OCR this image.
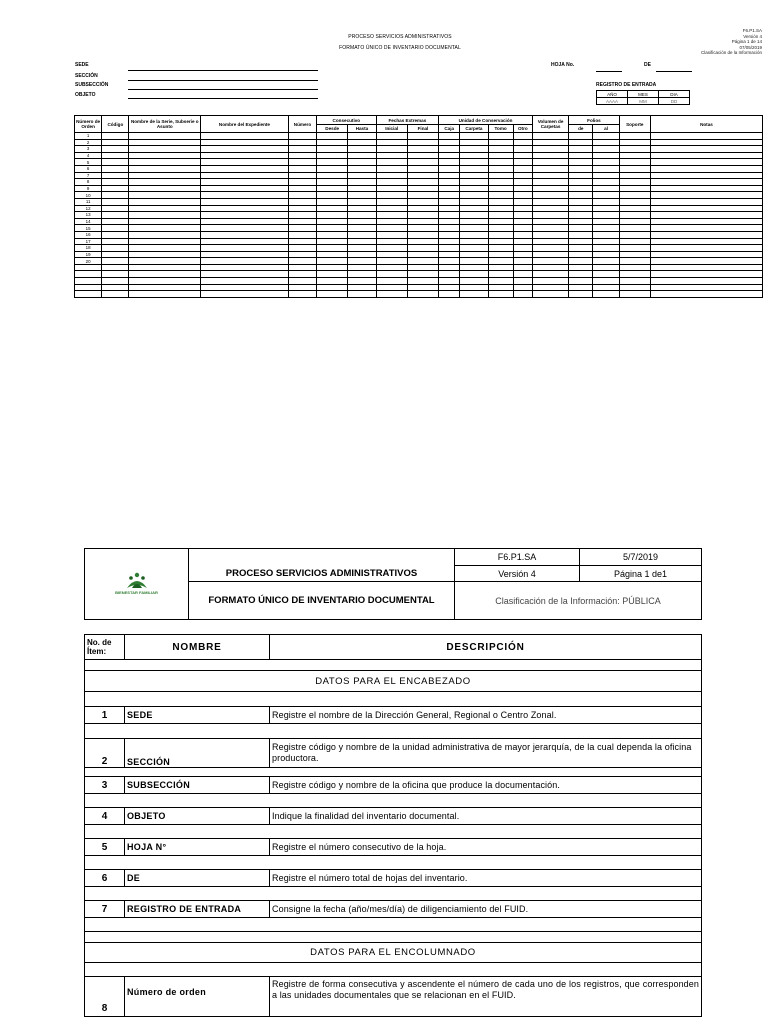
PROCESO SERVICIOS ADMINISTRATIVOS
FORMATO ÚNICO DE INVENTARIO DOCUMENTAL
F6.P1.SA
Versión 4
Página 1 de 14
07/05/2019
Clasificación de la Información
SEDE
SECCIÓN
SUBSECCIÓN
OBJETO
HOJA No.	DE
REGISTRO DE ENTRADA
AÑO	MES	DIA
AAAA	MM	DD
Número de Orden	Código	Nombre de la Serie, Subserie o Asunto	Nombre del Expediente	Número	Consecutivo		Fechas Extremas		Unidad de Conservación				Volumen de Carpetas	Folios		Soporte	Notas
					Desde	Hasta	Inicial	Final	Caja	Carpeta	Tomo	Otro		de	al		
1																	
2																	
3																	
4																	
5																	
6																	
7																	
8																	
9																	
10																	
11																	
12																	
13																	
14																	
15																	
16																	
17																	
18																	
19																	
20																	

BIENESTAR FAMILIAR	PROCESO SERVICIOS ADMINISTRATIVOS	F6.P1.SA	5/7/2019
		Versión 4	Página 1 de1
	FORMATO ÚNICO DE INVENTARIO DOCUMENTAL	Clasificación de la Información: PÚBLICA	
No. de Ítem:	NOMBRE	DESCRIPCIÓN

DATOS PARA EL ENCABEZADO		

1	SEDE	Registre el nombre de la Dirección General, Regional o Centro Zonal.

2	SECCIÓN	Registre código y nombre de la unidad administrativa de mayor jerarquía, de la cual dependa la oficina productora.

3	SUBSECCIÓN	Registre código y nombre de la oficina que produce la documentación.

4	OBJETO	Indique la finalidad del inventario documental.

5	HOJA N°	Registre el número consecutivo de la hoja.

6	DE	Registre el número total de hojas del inventario.

7	REGISTRO DE ENTRADA	Consigne la fecha (año/mes/día) de diligenciamiento del FUID.

DATOS PARA EL ENCOLUMNADO		

8	Número de orden	Registre de forma consecutiva y ascendente el número de cada uno de los registros, que corresponden a las unidades documentales que se relacionan en el FUID.
